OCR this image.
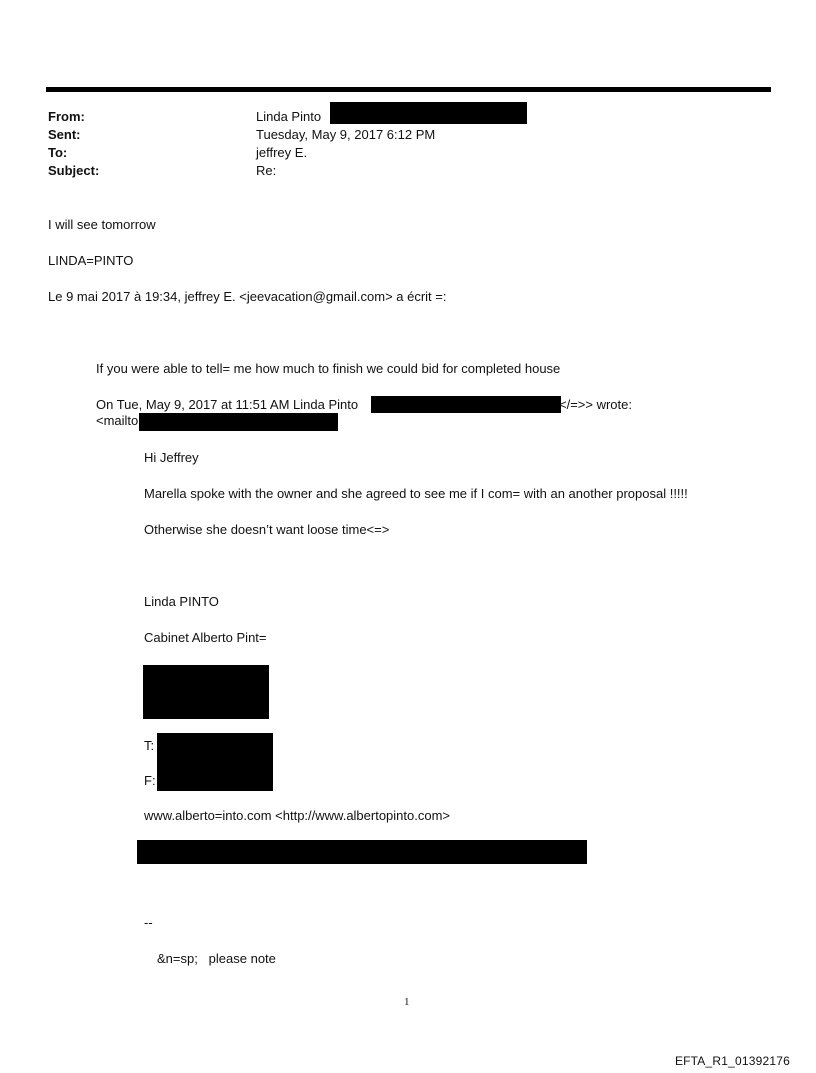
From:	Linda Pinto
Sent:	Tuesday, May 9, 2017 6:12 PM
To:	jeffrey E.
Subject:	Re:
I will see tomorrow
LINDA=PINTO
Le 9 mai 2017 à 19:34, jeffrey E. <jeevacation@gmail.com> a écrit =:
If you were able to tell= me how much to finish we could bid for completed house
On Tue, May 9, 2017 at 11:51 AM Linda Pinto	</=>> wrote:
<mailto
Hi Jeffrey
Marella spoke with the owner and she agreed to see me if I com= with an another proposal !!!!!
Otherwise she doesn’t want loose time<=>
Linda PINTO
Cabinet Alberto Pint=
T:
F:
www.alberto=into.com <http://www.albertopinto.com>
--
&n=sp;   please note
1
EFTA_R1_01392176
